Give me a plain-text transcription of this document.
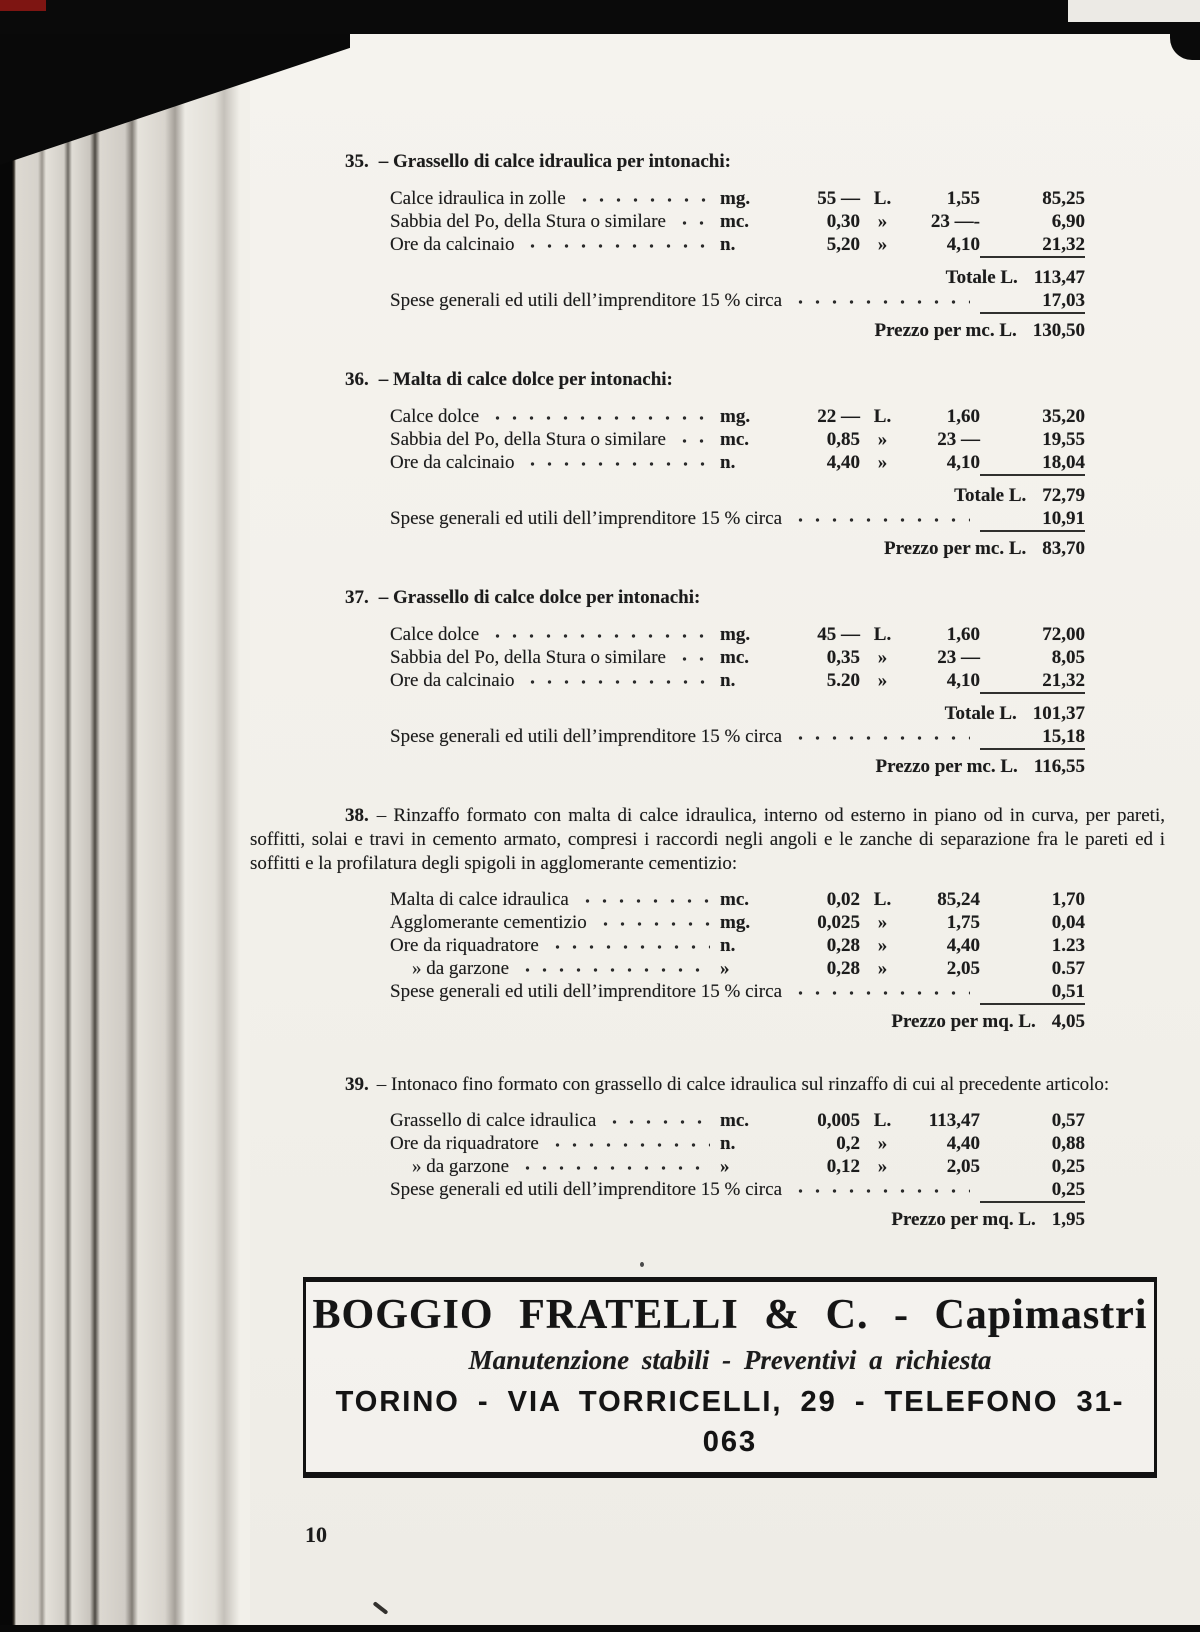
35. – Grassello di calce idraulica per intonachi:
Calce idraulica in zolle	mg.	55 — L.	1,55	85,25
Sabbia del Po, della Stura o similare	mc.	0,30 »	23 —-	6,90
Ore da calcinaio	n.	5,20 »	4,10	21,32
Totale L. 113,47
Spese generali ed utili dell’imprenditore 15 % circa	17,03
Prezzo per mc. L. 130,50
36. – Malta di calce dolce per intonachi:
Calce dolce	mg.	22 — L.	1,60	35,20
Sabbia del Po, della Stura o similare	mc.	0,85 »	23 —	19,55
Ore da calcinaio	n.	4,40 »	4,10	18,04
Totale L. 72,79
Spese generali ed utili dell’imprenditore 15 % circa	10,91
Prezzo per mc. L. 83,70
37. – Grassello di calce dolce per intonachi:
Calce dolce	mg.	45 — L.	1,60	72,00
Sabbia del Po, della Stura o similare	mc.	0,35 »	23 —	8,05
Ore da calcinaio	n.	5.20 »	4,10	21,32
Totale L. 101,37
Spese generali ed utili dell’imprenditore 15 % circa	15,18
Prezzo per mc. L. 116,55
38. – Rinzaffo formato con malta di calce idraulica, interno od esterno in piano od in curva, per pareti, soffitti, solai e travi in cemento armato, compresi i raccordi negli angoli e le zanche di separazione fra le pareti ed i soffitti e la profilatura degli spigoli in agglomerante cementizio:
Malta di calce idraulica	mc.	0,02 L.	85,24	1,70
Agglomerante cementizio	mg.	0,025 »	1,75	0,04
Ore da riquadratore	n.	0,28 »	4,40	1.23
» da garzone	»	0,28 »	2,05	0.57
Spese generali ed utili dell’imprenditore 15 % circa	0,51
Prezzo per mq. L. 4,05
39. – Intonaco fino formato con grassello di calce idraulica sul rinzaffo di cui al precedente articolo:
Grassello di calce idraulica	mc.	0,005 L.	113,47	0,57
Ore da riquadratore	n.	0,2 »	4,40	0,88
» da garzone	»	0,12 »	2,05	0,25
Spese generali ed utili dell’imprenditore 15 % circa	0,25
Prezzo per mq. L. 1,95
BOGGIO FRATELLI & C. - Capimastri
Manutenzione stabili - Preventivi a richiesta
TORINO - VIA TORRICELLI, 29 - TELEFONO 31-063
10
